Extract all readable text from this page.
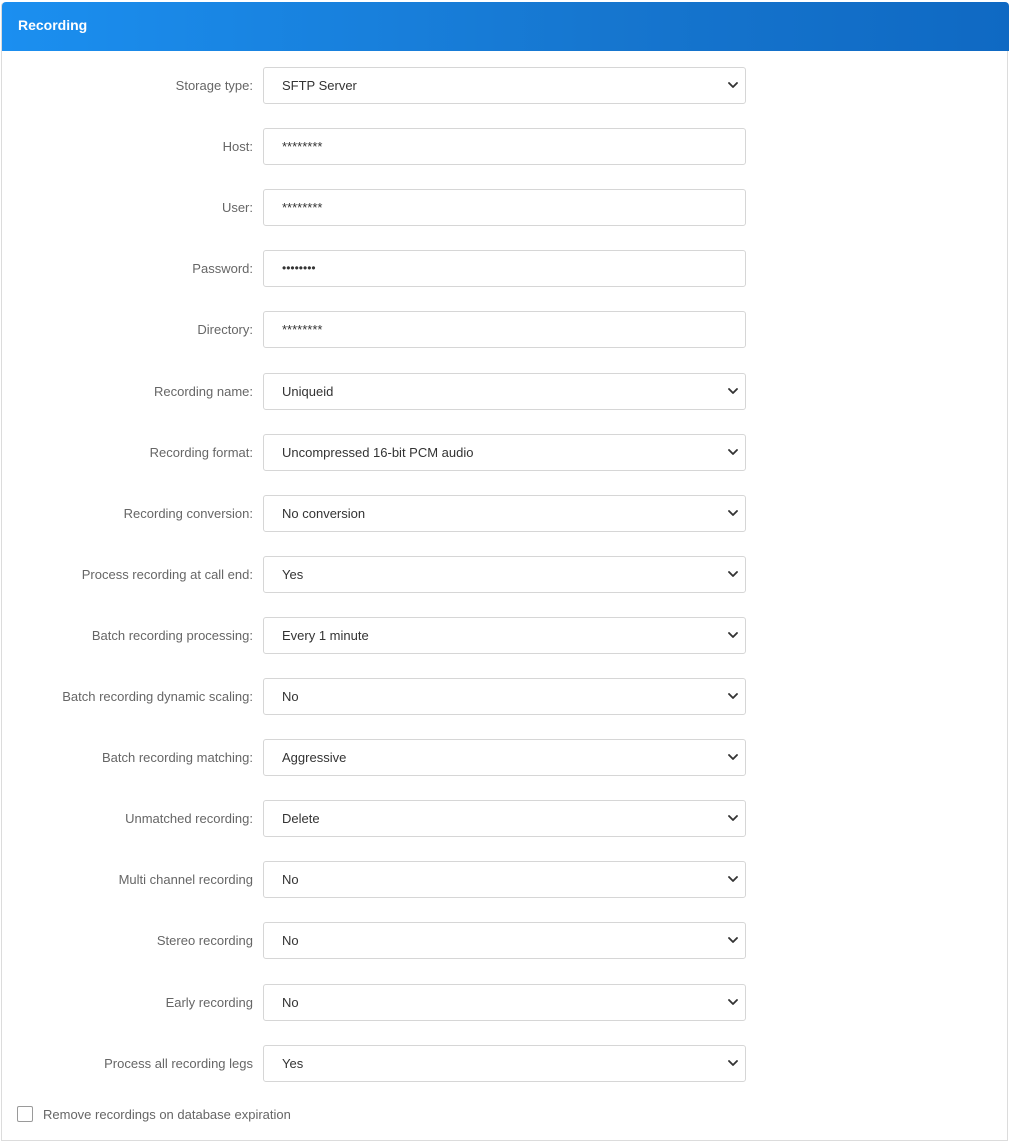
Recording
Storage type: SFTP Server
Host: ********
User: ********
Password: ••••••••
Directory: ********
Recording name: Uniqueid
Recording format: Uncompressed 16-bit PCM audio
Recording conversion: No conversion
Process recording at call end: Yes
Batch recording processing: Every 1 minute
Batch recording dynamic scaling: No
Batch recording matching: Aggressive
Unmatched recording: Delete
Multi channel recording No
Stereo recording No
Early recording No
Process all recording legs Yes
Remove recordings on database expiration
